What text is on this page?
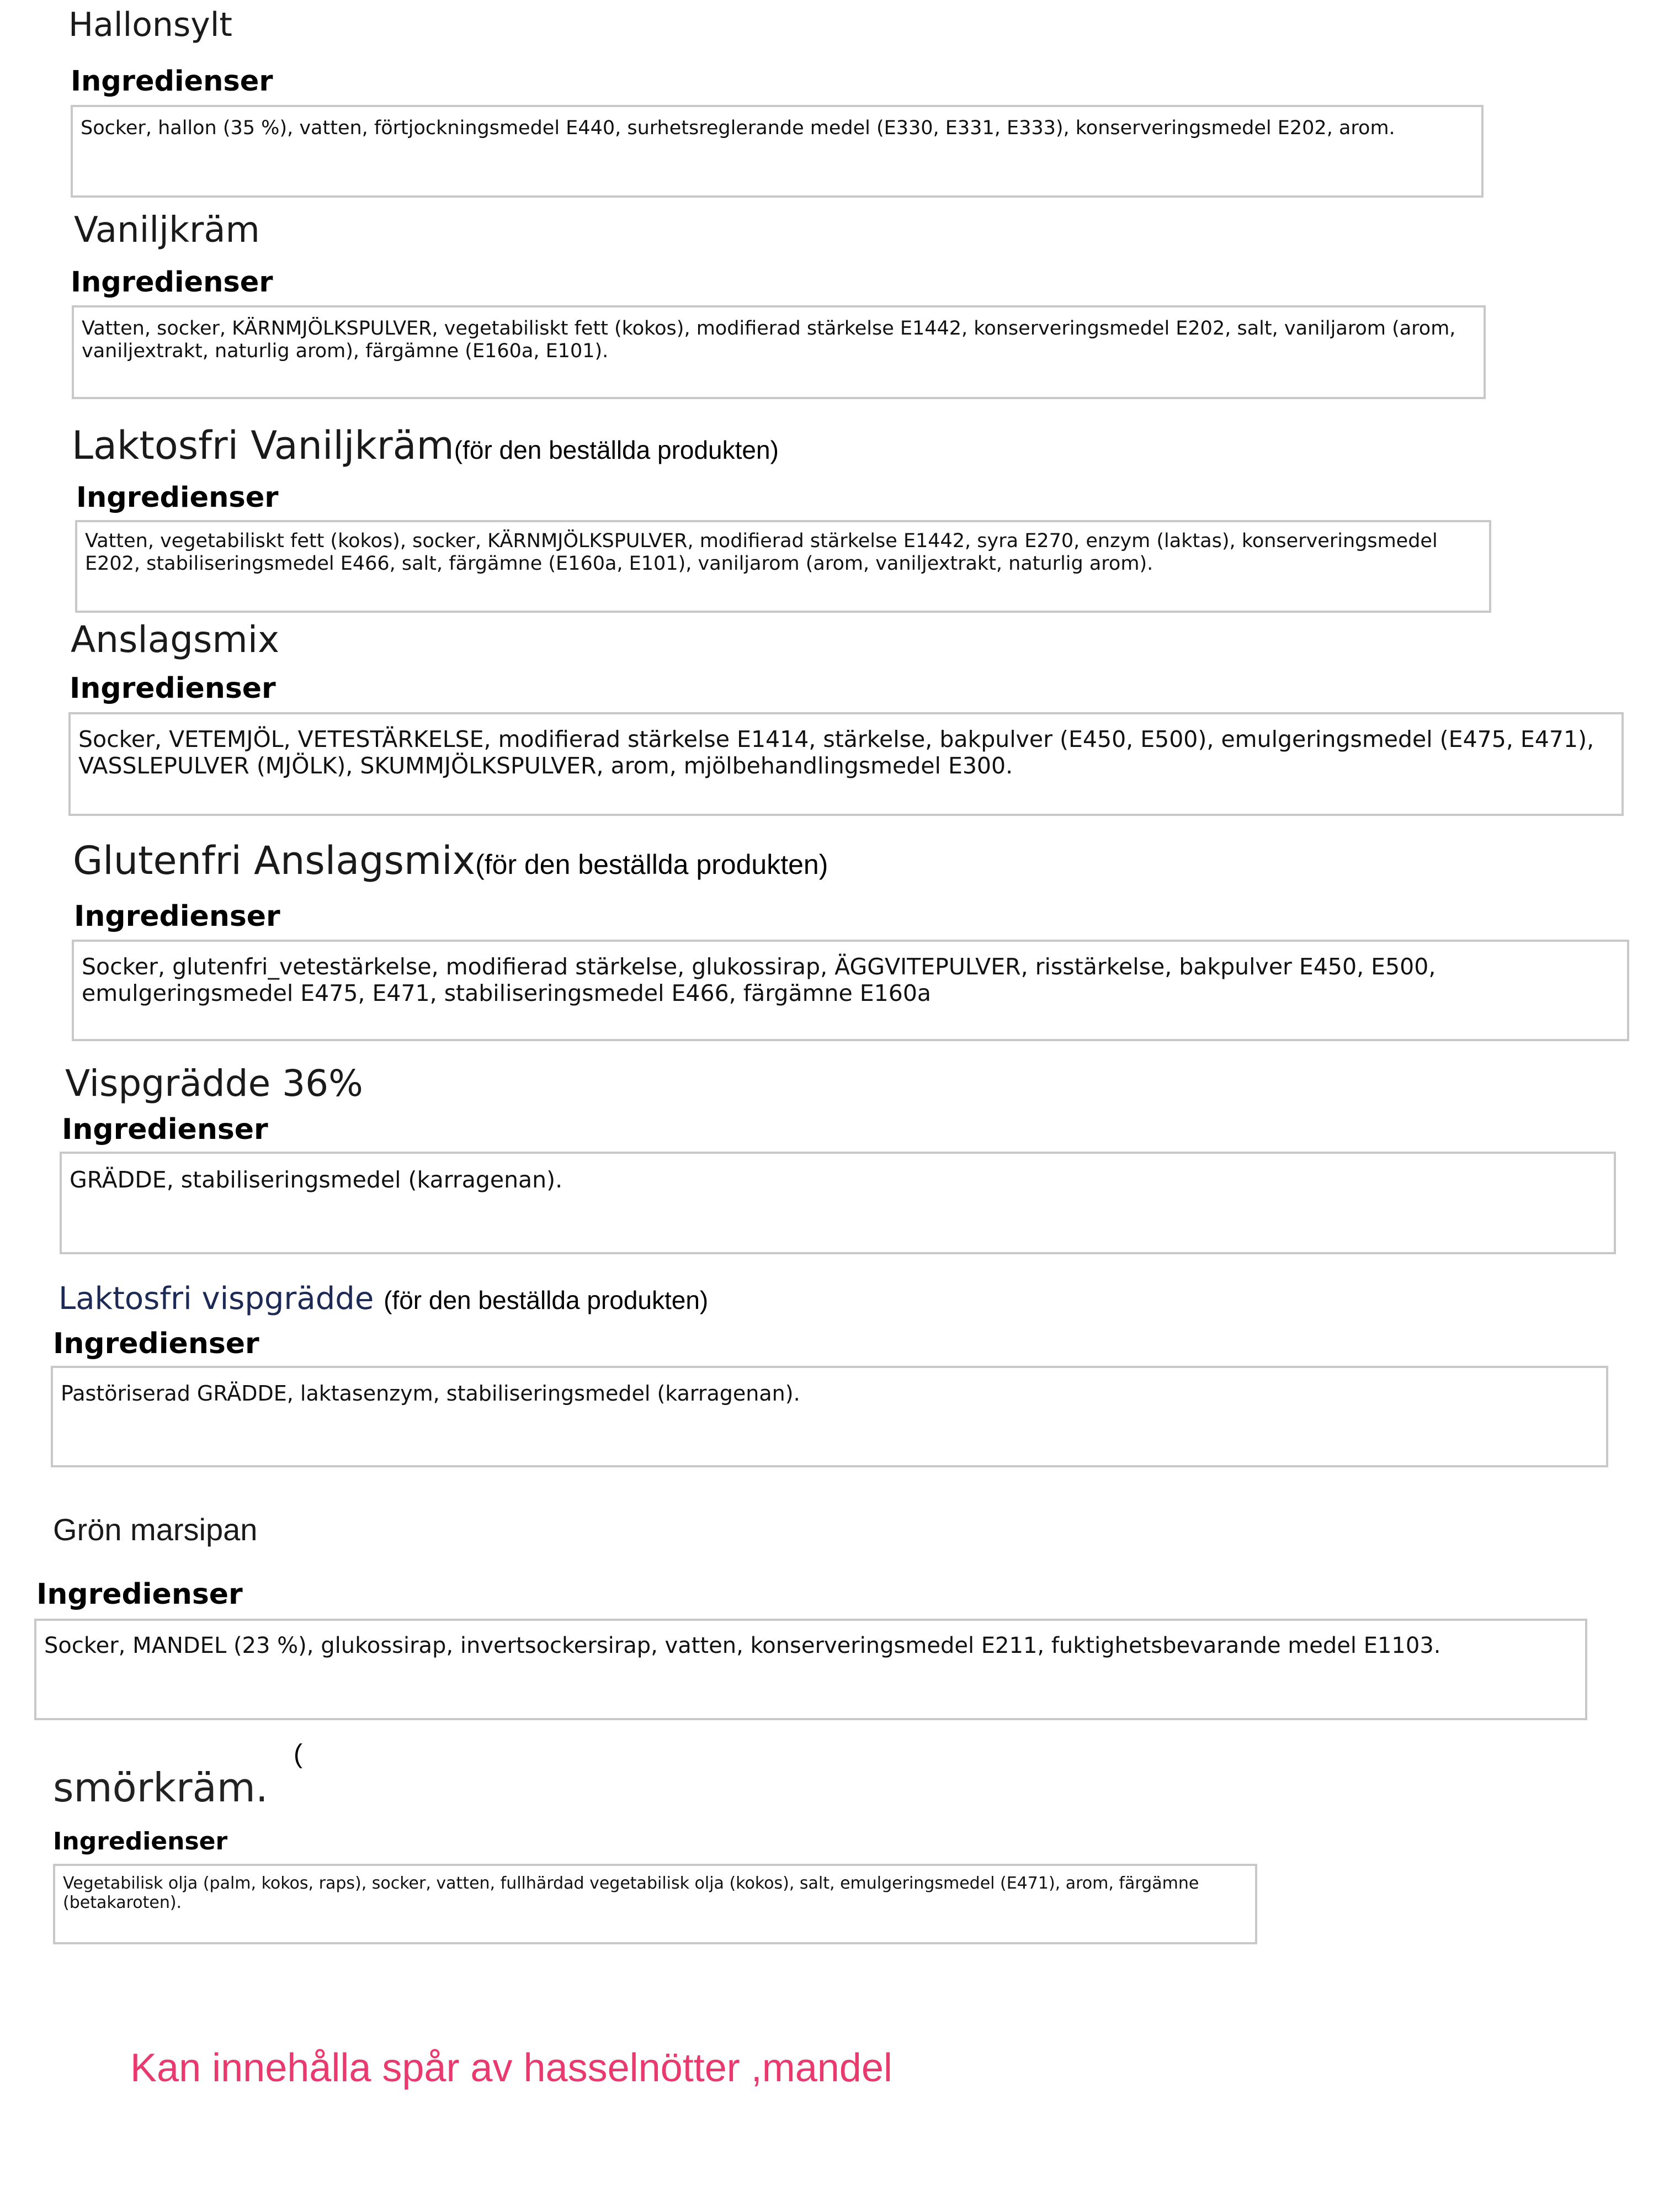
Hallonsylt
Ingredienser
Socker, hallon (35 %), vatten, förtjockningsmedel E440, surhetsreglerande medel (E330, E331, E333), konserveringsmedel E202, arom.
Vaniljkräm
Ingredienser
Vatten, socker, KÄRNMJÖLKSPULVER, vegetabiliskt fett (kokos), modifierad stärkelse E1442, konserveringsmedel E202, salt, vaniljarom (arom, vaniljextrakt, naturlig arom), färgämne (E160a, E101).
Laktosfri Vaniljkräm(för den beställda produkten)
Ingredienser
Vatten, vegetabiliskt fett (kokos), socker, KÄRNMJÖLKSPULVER, modifierad stärkelse E1442, syra E270, enzym (laktas), konserveringsmedel E202, stabiliseringsmedel E466, salt, färgämne (E160a, E101), vaniljarom (arom, vaniljextrakt, naturlig arom).
Anslagsmix
Ingredienser
Socker, VETEMJÖL, VETESTÄRKELSE, modifierad stärkelse E1414, stärkelse, bakpulver (E450, E500), emulgeringsmedel (E475, E471), VASSLEPULVER (MJÖLK), SKUMMJÖLKSPULVER, arom, mjölbehandlingsmedel E300.
Glutenfri Anslagsmix(för den beställda produkten)
Ingredienser
Socker, glutenfri_vetestärkelse, modifierad stärkelse, glukossirap, ÄGGVITEPULVER, risstärkelse, bakpulver E450, E500, emulgeringsmedel E475, E471, stabiliseringsmedel E466, färgämne E160a
Vispgrädde 36%
Ingredienser
GRÄDDE, stabiliseringsmedel (karragenan).
Laktosfri vispgrädde (för den beställda produkten)
Ingredienser
Pastöriserad GRÄDDE, laktasenzym, stabiliseringsmedel (karragenan).
Grön marsipan
Ingredienser
Socker, MANDEL (23 %), glukossirap, invertsockersirap, vatten, konserveringsmedel E211, fuktighetsbevarande medel E1103.
smörkräm.
(
Ingredienser
Vegetabilisk olja (palm, kokos, raps), socker, vatten, fullhärdad vegetabilisk olja (kokos), salt, emulgeringsmedel (E471), arom, färgämne (betakaroten).
Kan innehålla spår av hasselnötter ,mandel
